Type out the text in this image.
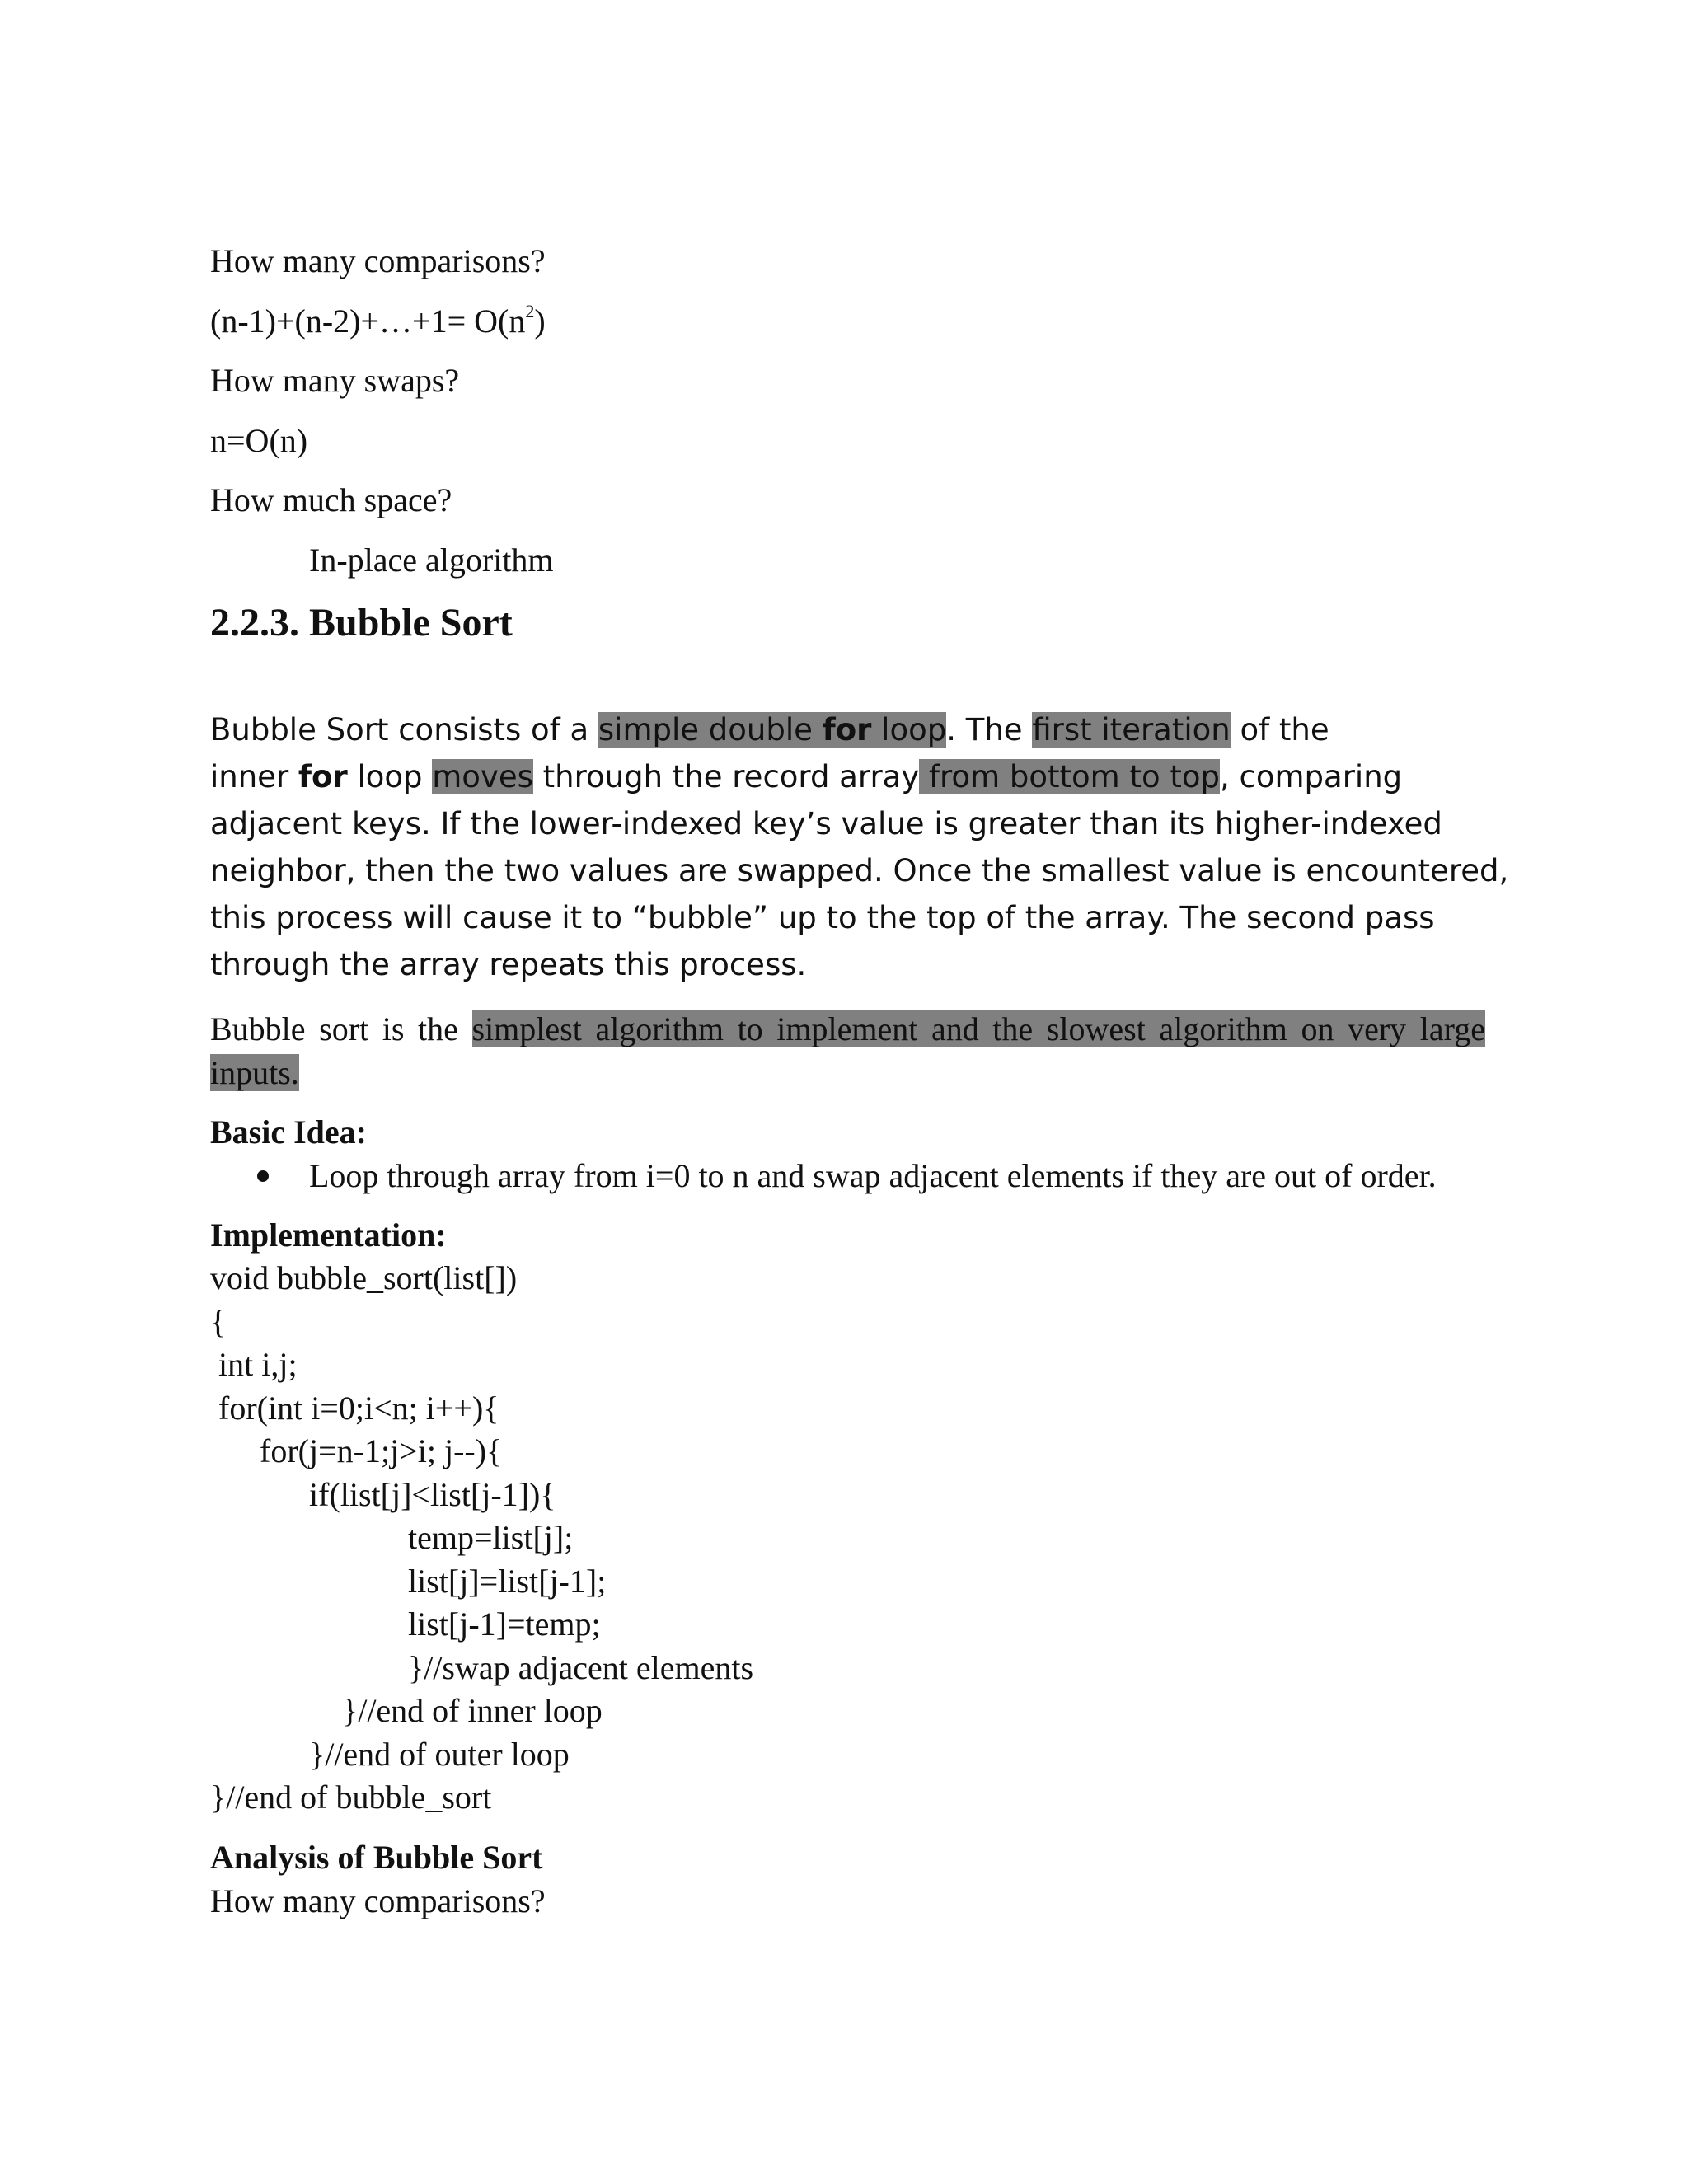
How many comparisons?
(n-1)+(n-2)+…+1= $O(n^2)$
How many swaps?
n=O(n)
How much space?
In-place algorithm
2.2.3. Bubble Sort
Bubble Sort consists of a simple double for loop. The first iteration of the
inner for loop moves through the record array from bottom to top, comparing
adjacent keys. If the lower-indexed key’s value is greater than its higher-indexed
neighbor, then the two values are swapped. Once the smallest value is encountered,
this process will cause it to “bubble” up to the top of the array. The second pass
through the array repeats this process.
Bubble sort is the simplest algorithm to implement and the slowest algorithm on very large inputs.
Basic Idea:
Loop through array from i=0 to n and swap adjacent elements if they are out of order.
Implementation:
void bubble_sort(list[])
{
int i,j;
for(int i=0;i<n; i++){
for(j=n-1;j>i; j--){
if(list[j]<list[j-1]){
temp=list[j];
list[j]=list[j-1];
list[j-1]=temp;
}//swap adjacent elements
}//end of inner loop
}//end of outer loop
}//end of bubble_sort
Analysis of Bubble Sort
How many comparisons?
